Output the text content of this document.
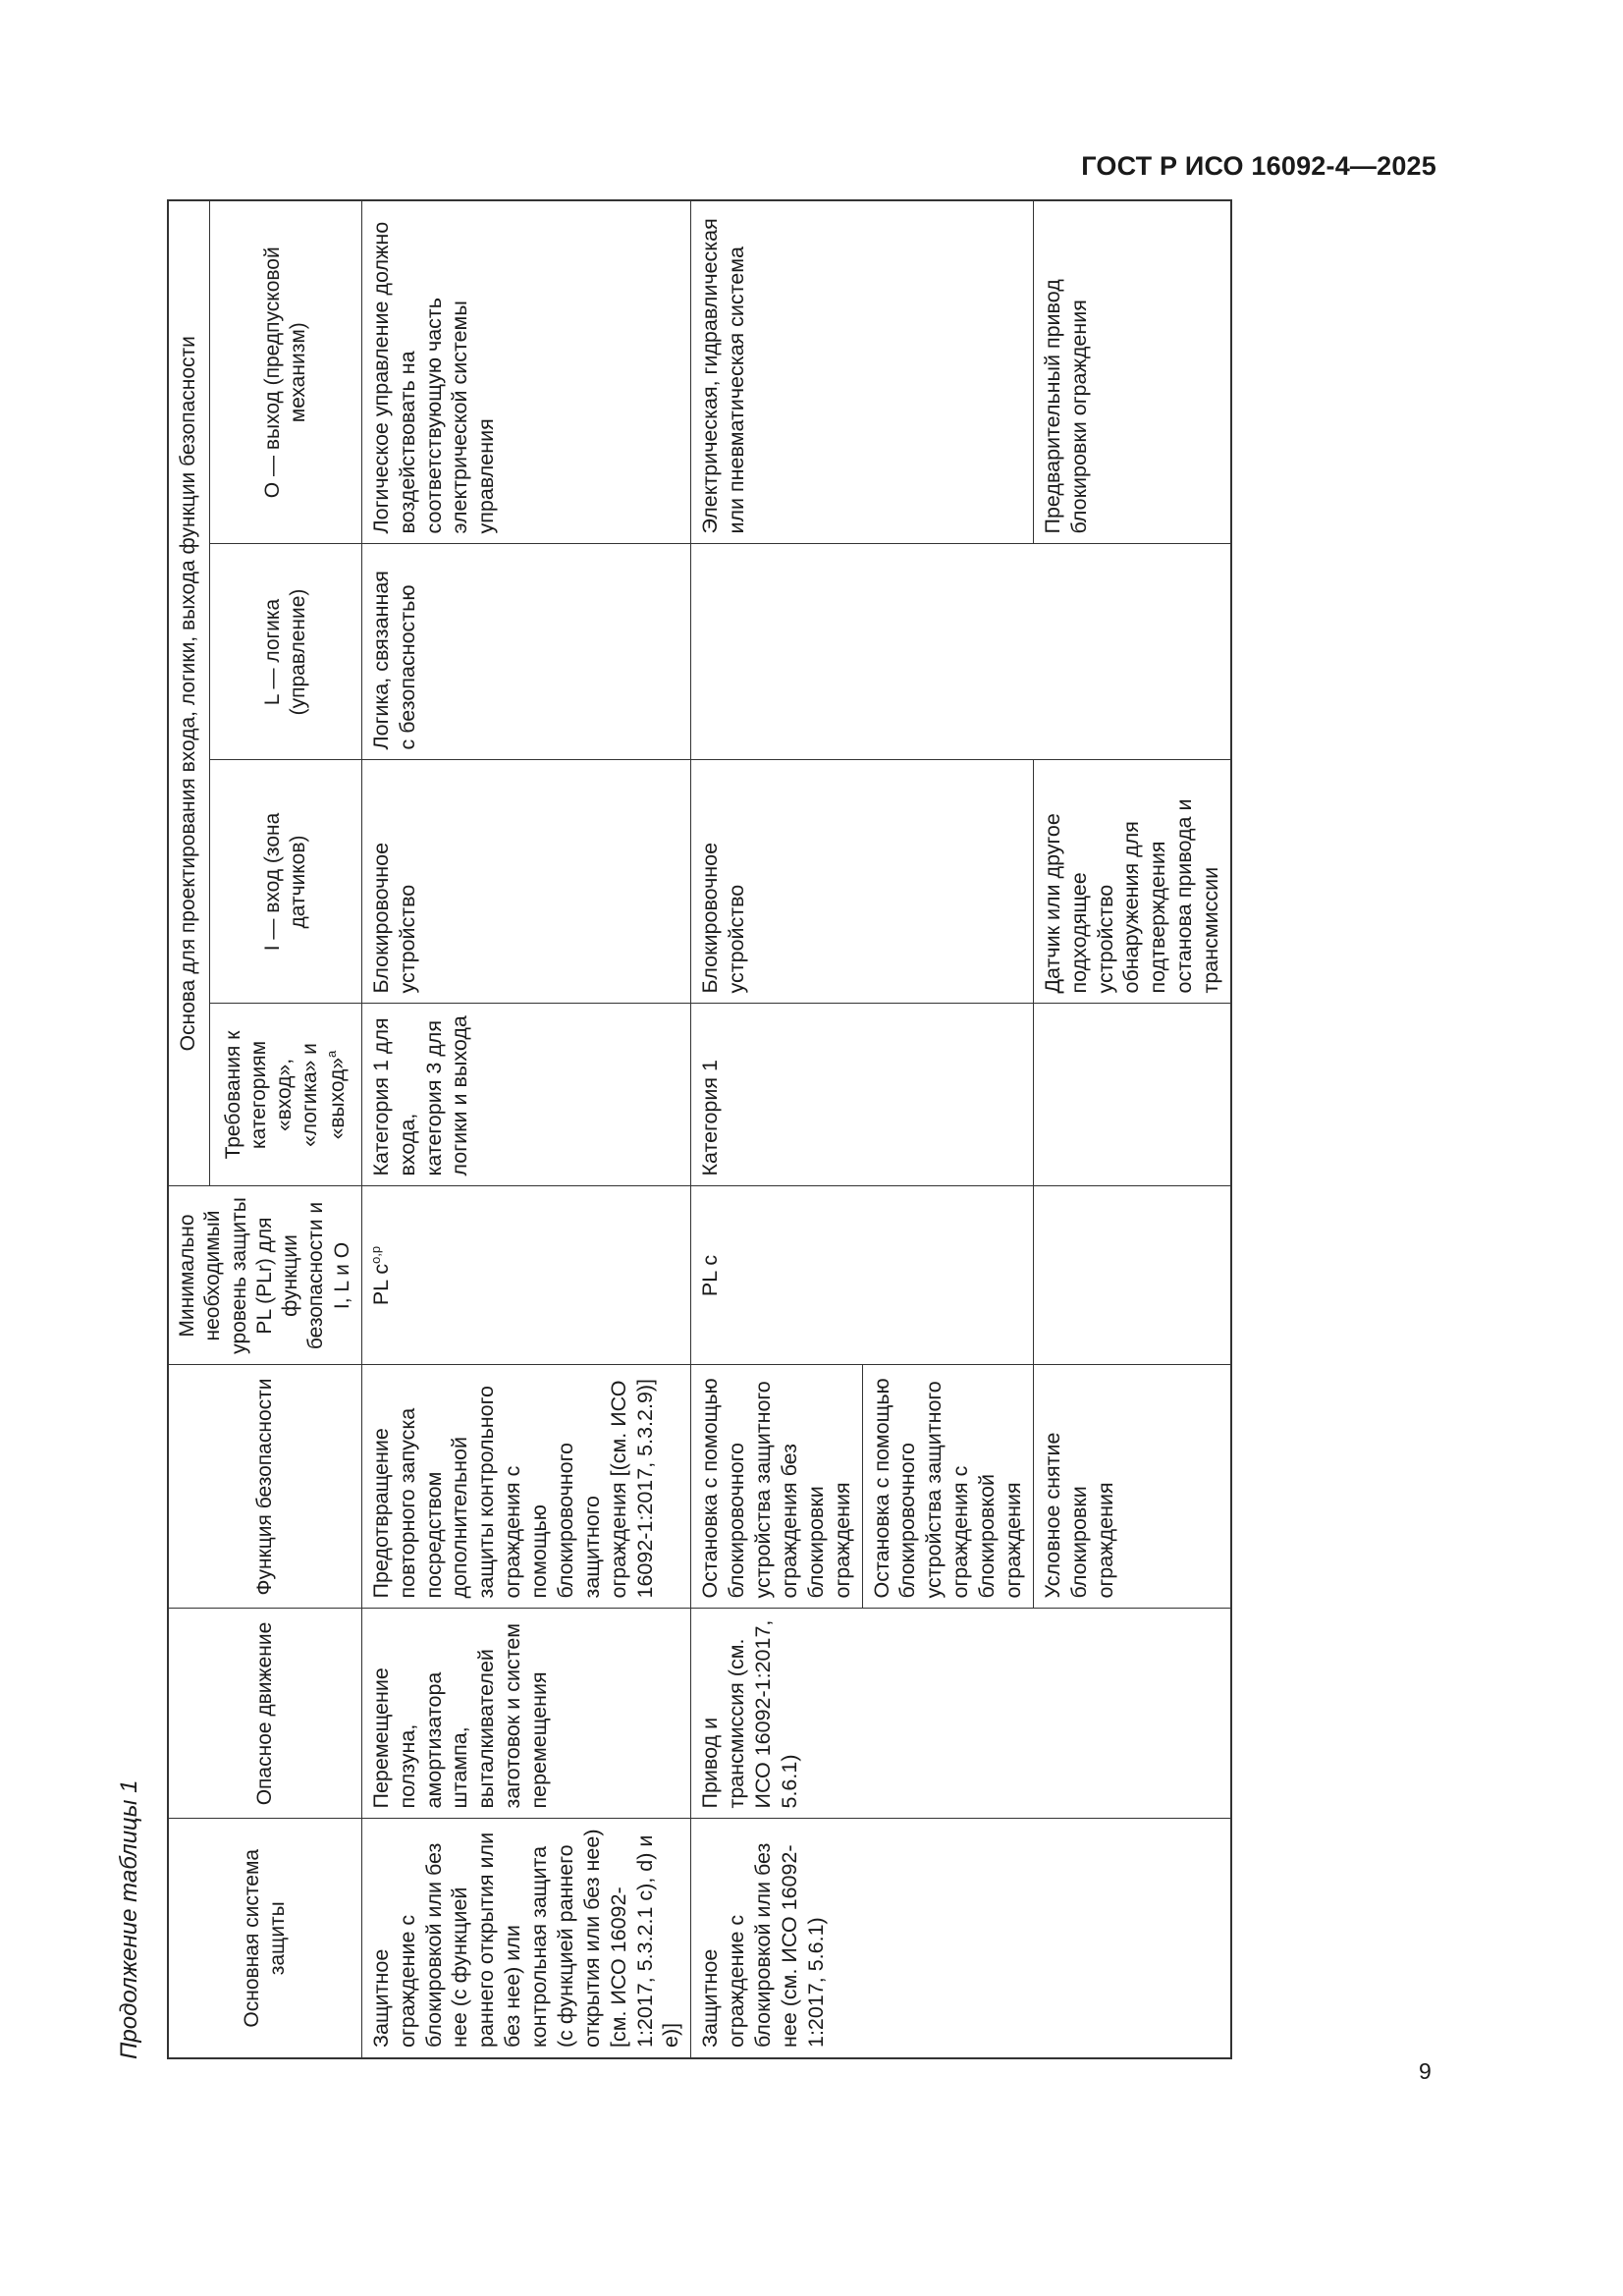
ГОСТ Р ИСО 16092-4—2025
Продолжение таблицы 1	Основная система защиты	Опасное движение	Функция безопасности	Минимально необходимый уровень защиты PL (PLr) для функции безопасности и I, L и O	Основа для проектирования входа, логики, выхода функции безопасности			
				Требования к категориям «вход», «логика» и «выход»$^a$	I — вход (зона датчиков)	L — логика (управление)	O — выход (предпусковой механизм)
Защитное ограждение с блокировкой или без нее (с функцией раннего открытия или без нее) или контрольная защита (с функцией раннего открытия или без нее) [см. ИСО 16092-1:2017, 5.3.2.1 c), d) и e)]	Перемещение ползуна, амортизатора штампа, выталкивателей заготовок и систем перемещения	Предотвращение повторного запуска посредством дополнительной защиты контрольного ограждения с помощью блокировочного защитного ограждения [(см. ИСО 16092-1:2017, 5.3.2.9)]	PL $c^{o,p}$	Категория 1 для входа, категория 3 для логики и выхода	Блокировочное устройство	Логика, связанная с безопасностью	Логическое управление должно воздействовать на соответствующую часть электрической системы управления
Защитное ограждение с блокировкой или без нее (см. ИСО 16092-1:2017, 5.6.1)	Привод и трансмиссия (см. ИСО 16092-1:2017, 5.6.1)	Остановка с помощью блокировочного устройства защитного ограждения без блокировки ограждения	PL c	Категория 1	Блокировочное устройство		Электрическая, гидравлическая или пневматическая система
		Остановка с помощью блокировочного устройства защитного ограждения с блокировкой ограждения					
		Условное снятие блокировки ограждения			Датчик или другое подходящее устройство обнаружения для подтверждения останова привода и трансмиссии		Предварительный привод блокировки ограждения
9
